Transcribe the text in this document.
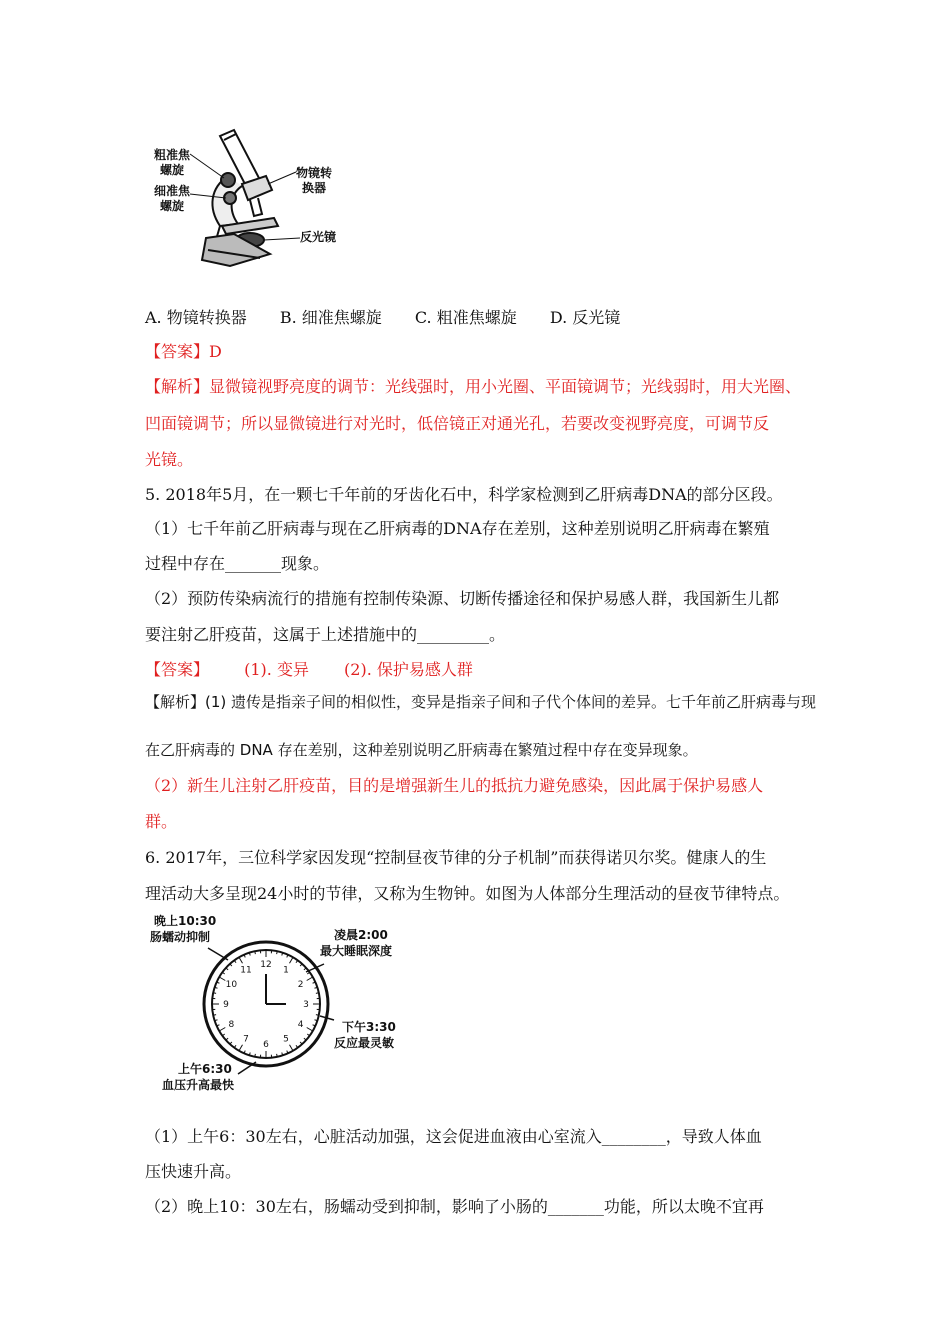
粗准焦
螺旋
细准焦
螺旋
物镜转
换器
反光镜
A. 物镜转换器 B. 细准焦螺旋 C. 粗准焦螺旋 D. 反光镜
【答案】D
【解析】显微镜视野亮度的调节：光线强时，用小光圈、平面镜调节；光线弱时，用大光圈、
凹面镜调节；所以显微镜进行对光时，低倍镜正对通光孔，若要改变视野亮度，可调节反
光镜。
5. 2018年5月，在一颗七千年前的牙齿化石中，科学家检测到乙肝病毒DNA的部分区段。
（1）七千年前乙肝病毒与现在乙肝病毒的DNA存在差别，这种差别说明乙肝病毒在繁殖
过程中存在_______现象。
（2）预防传染病流行的措施有控制传染源、切断传播途径和保护易感人群，我国新生儿都
要注射乙肝疫苗，这属于上述措施中的_________。
【答案】 (1). 变异 (2). 保护易感人群
【解析】(1) 遗传是指亲子间的相似性，变异是指亲子间和子代个体间的差异。七千年前乙肝病毒与现
在乙肝病毒的 DNA 存在差别，这种差别说明乙肝病毒在繁殖过程中存在变异现象。
（2）新生儿注射乙肝疫苗，目的是增强新生儿的抵抗力避免感染，因此属于保护易感人
群。
6. 2017年，三位科学家因发现“控制昼夜节律的分子机制”而获得诺贝尔奖。健康人的生
理活动大多呈现24小时的节律，又称为生物钟。如图为人体部分生理活动的昼夜节律特点。
12
1
2
3
4
5
6
7
8
9
10
11
晚上10:30
肠蠕动抑制	凌晨2:00
最大睡眠深度
下午3:30
反应最灵敏
上午6:30
血压升高最快
（1）上午6：30左右，心脏活动加强，这会促进血液由心室流入________，导致人体血
压快速升高。
（2）晚上10：30左右，肠蠕动受到抑制，影响了小肠的_______功能，所以太晚不宜再
